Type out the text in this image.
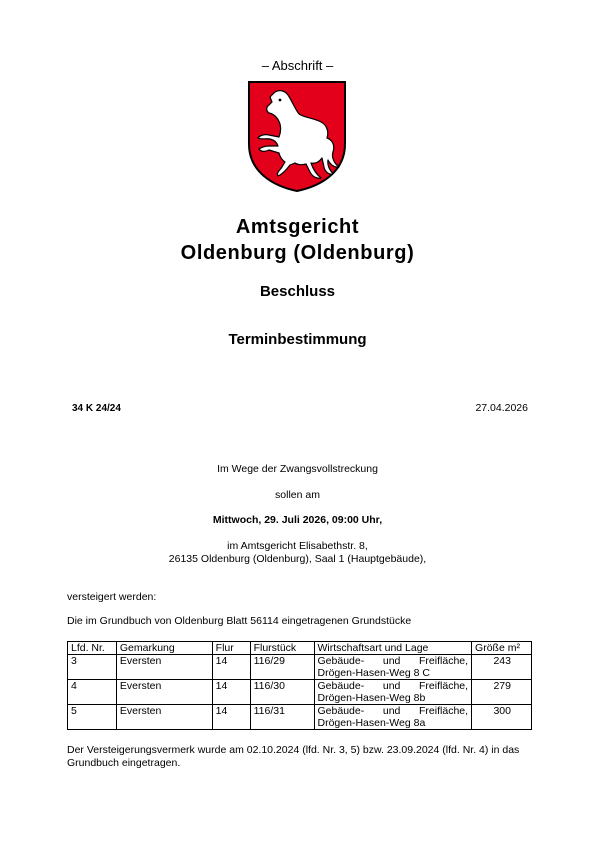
– Abschrift –
Amtsgericht
Oldenburg (Oldenburg)
Beschluss
Terminbestimmung
34 K 24/24	27.04.2026
Im Wege der Zwangsvollstreckung
sollen am
Mittwoch, 29. Juli 2026, 09:00 Uhr,
im Amtsgericht Elisabethstr. 8,
26135 Oldenburg (Oldenburg), Saal 1 (Hauptgebäude),
versteigert werden:
Die im Grundbuch von Oldenburg Blatt 56114 eingetragenen Grundstücke
Lfd. Nr.	Gemarkung	Flur	Flurstück	Wirtschaftsart und Lage	Größe m²
3	Eversten	14	116/29	Gebäude- und Freifläche,
Drögen-Hasen-Weg 8 C	243
4	Eversten	14	116/30	Gebäude- und Freifläche,
Drögen-Hasen-Weg 8b	279
5	Eversten	14	116/31	Gebäude- und Freifläche,
Drögen-Hasen-Weg 8a	300
Der Versteigerungsvermerk wurde am 02.10.2024 (lfd. Nr. 3, 5) bzw. 23.09.2024 (lfd. Nr. 4) in das Grundbuch eingetragen.
